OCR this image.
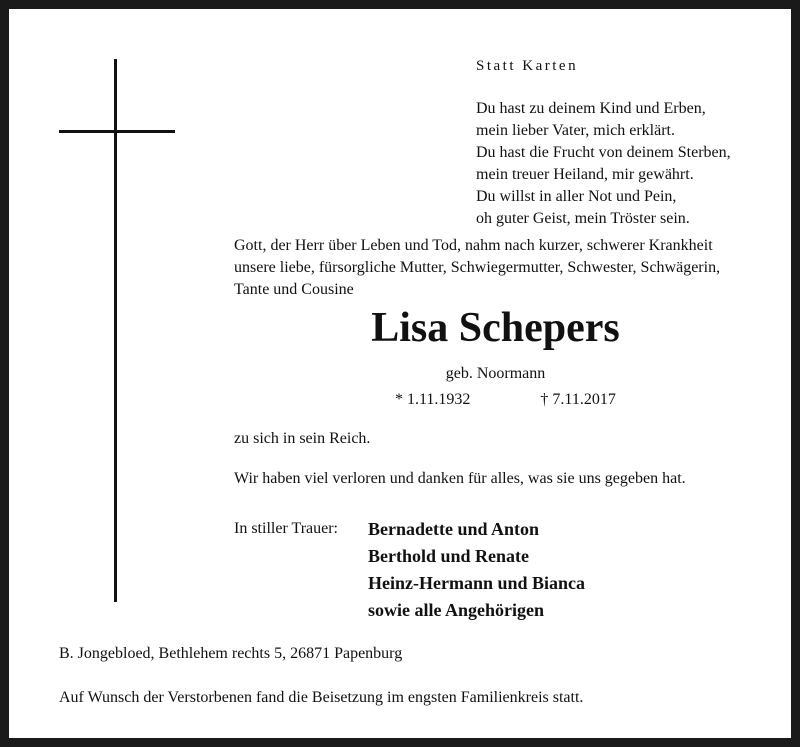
Statt Karten
Du hast zu deinem Kind und Erben,
mein lieber Vater, mich erklärt.
Du hast die Frucht von deinem Sterben,
mein treuer Heiland, mir gewährt.
Du willst in aller Not und Pein,
oh guter Geist, mein Tröster sein.
Gott, der Herr über Leben und Tod, nahm nach kurzer, schwerer Krankheit
unsere liebe, fürsorgliche Mutter, Schwiegermutter, Schwester, Schwägerin,
Tante und Cousine
Lisa Schepers
geb. Noormann
* 1.11.1932	† 7.11.2017
zu sich in sein Reich.
Wir haben viel verloren und danken für alles, was sie uns gegeben hat.
In stiller Trauer: Bernadette und Anton
Berthold und Renate
Heinz-Hermann und Bianca
sowie alle Angehörigen
B. Jongebloed, Bethlehem rechts 5, 26871 Papenburg
Auf Wunsch der Verstorbenen fand die Beisetzung im engsten Familienkreis statt.
